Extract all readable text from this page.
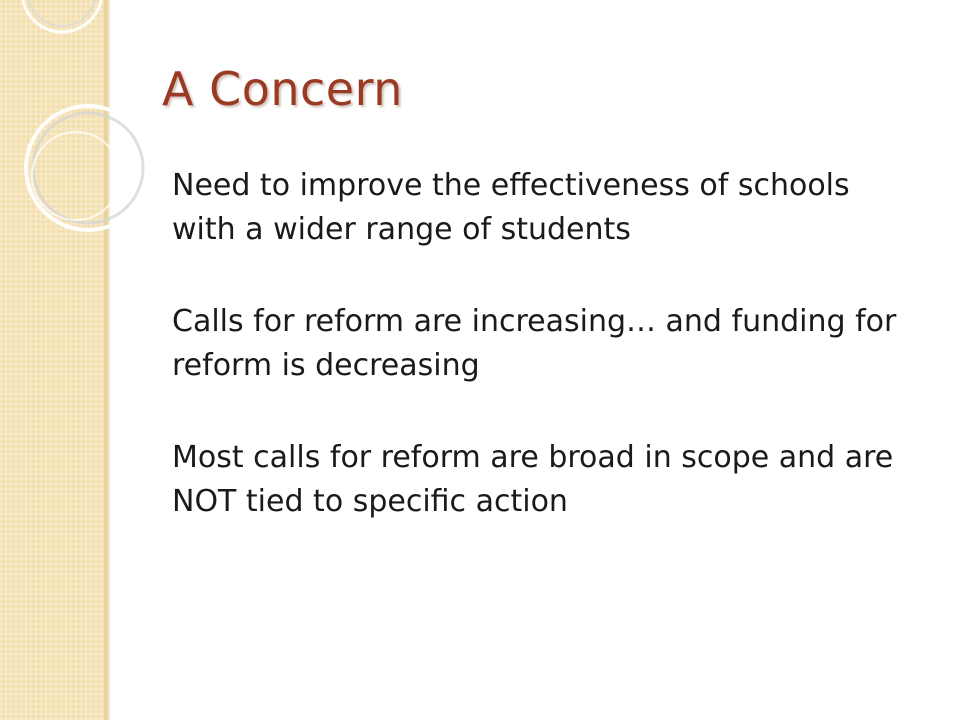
A Concern

Need to improve the effectiveness of schools with a wider range of students

Calls for reform are increasing… and funding for reform is decreasing

Most calls for reform are broad in scope and are NOT tied to specific action
